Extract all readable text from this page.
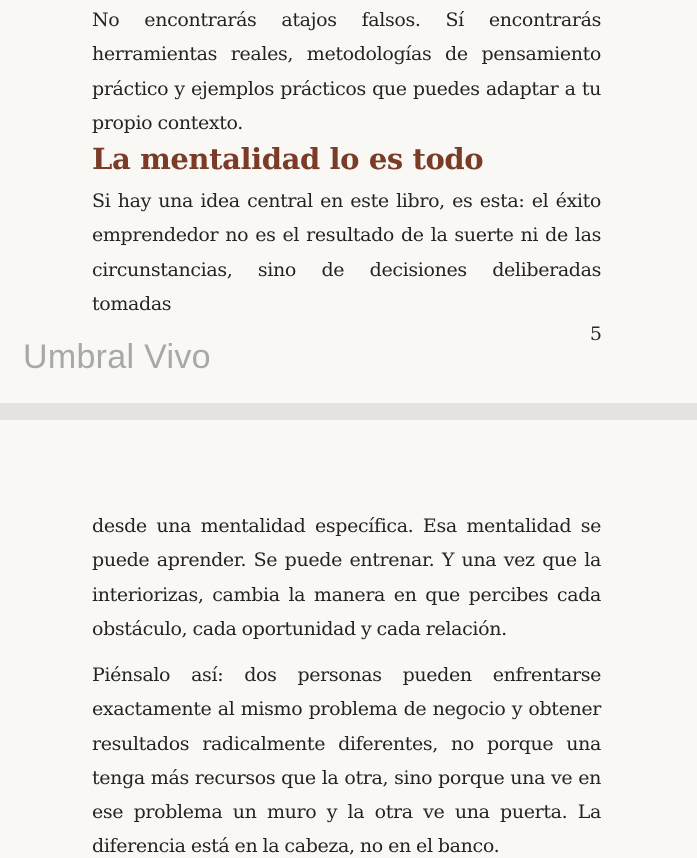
No encontrarás atajos falsos. Sí encontrarás herramientas reales, metodologías de pensamiento práctico y ejemplos prácticos que puedes adaptar a tu propio contexto.

La mentalidad lo es todo

Si hay una idea central en este libro, es esta: el éxito emprendedor no es el resultado de la suerte ni de las circunstancias, sino de decisiones deliberadas tomadas

5
Umbral Vivo

desde una mentalidad específica. Esa mentalidad se puede aprender. Se puede entrenar. Y una vez que la interiorizas, cambia la manera en que percibes cada obstáculo, cada oportunidad y cada relación.

Piénsalo así: dos personas pueden enfrentarse exactamente al mismo problema de negocio y obtener resultados radicalmente diferentes, no porque una tenga más recursos que la otra, sino porque una ve en ese problema un muro y la otra ve una puerta. La diferencia está en la cabeza, no en el banco.
